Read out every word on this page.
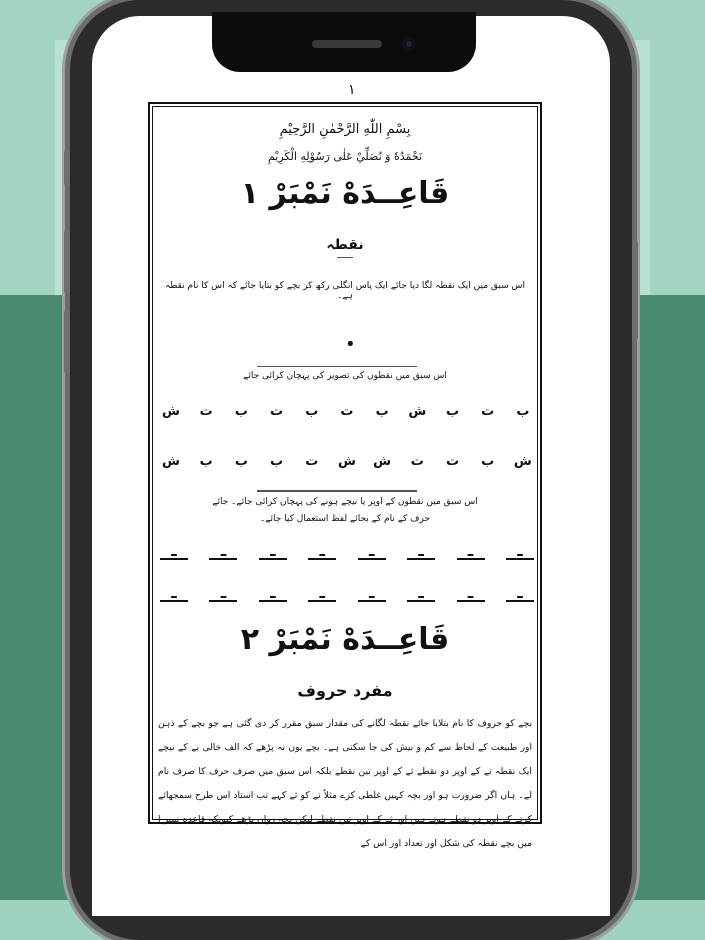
۱
بِسْمِ اللّٰهِ الرَّحْمٰنِ الرَّحِيْمِ
نَحْمَدُهٗ وَ نُصَلِّيْ عَلٰى رَسُوْلِهِ الْكَرِيْمِ
قَاعِــدَهْ نَمْبَرْ ١
نقطہ
اس سبق میں ایک نقطہ لگا دیا جائے ایک پاس انگلی رکھ کر بچے کو بتایا جائے کہ اس کا نام نقطہ ہے۔
•
اس سبق میں نقطوں کی تصویر کی پہچان کرائی جائے
ﺵ	ﺕ	ﺏ	ﺕ	ﺏ	ﺕ	ﺏ	ﺵ	ﺏ	ﺕ	ﺏ
ﺵ	ﺏ	ﺏ	ﺏ	ﺕ	ﺵ ﺵ	ﺕ	ﺕ	ﺏ	ﺵ
اس سبق میں نقطوں کے اوپر یا نیچے ہونے کی پہچان کرائی جائے۔ جائے
حرف کے نام کے بجائے لفظ استعمال کیا جائے۔
ـ	ـ	ـ	ـ	ـ	ـ	ـ	ـ
ـ	ـ	ـ	ـ	ـ	ـ	ـ	ـ
قَاعِــدَهْ نَمْبَرْ ٢
مفرد حروف
بچے کو حروف کا نام بتلایا جائے نقطہ لگانے کی مقدار سبق مقرر کر دی گئی ہے جو بچے کے ذہن اور طبیعت کے لحاظ سے کم و بیش کی جا سکتی ہے۔ بچے یوں نہ پڑھے کہ الف خالی بے کے نیچے ایک نقطہ تے کے اوپر دو نقطے ثے کے اوپر تین نقطے بلکہ اس سبق میں صرف حرف کا صرف نام لے۔ ہاں اگر ضرورت ہو اور بچہ کہیں غلطی کرے مثلاً تے کو ثے کہے تب استاد اس طرح سمجھائے کرتے کے اوپر دو نقطے ہوتے ہیں اور ثے کے اوپر تین نقطے لیکن بچہ رواں پڑھے کیونکہ قاعدہ نمبر ا میں بچے نقطہ کی شکل اور تعداد اور اس کے
